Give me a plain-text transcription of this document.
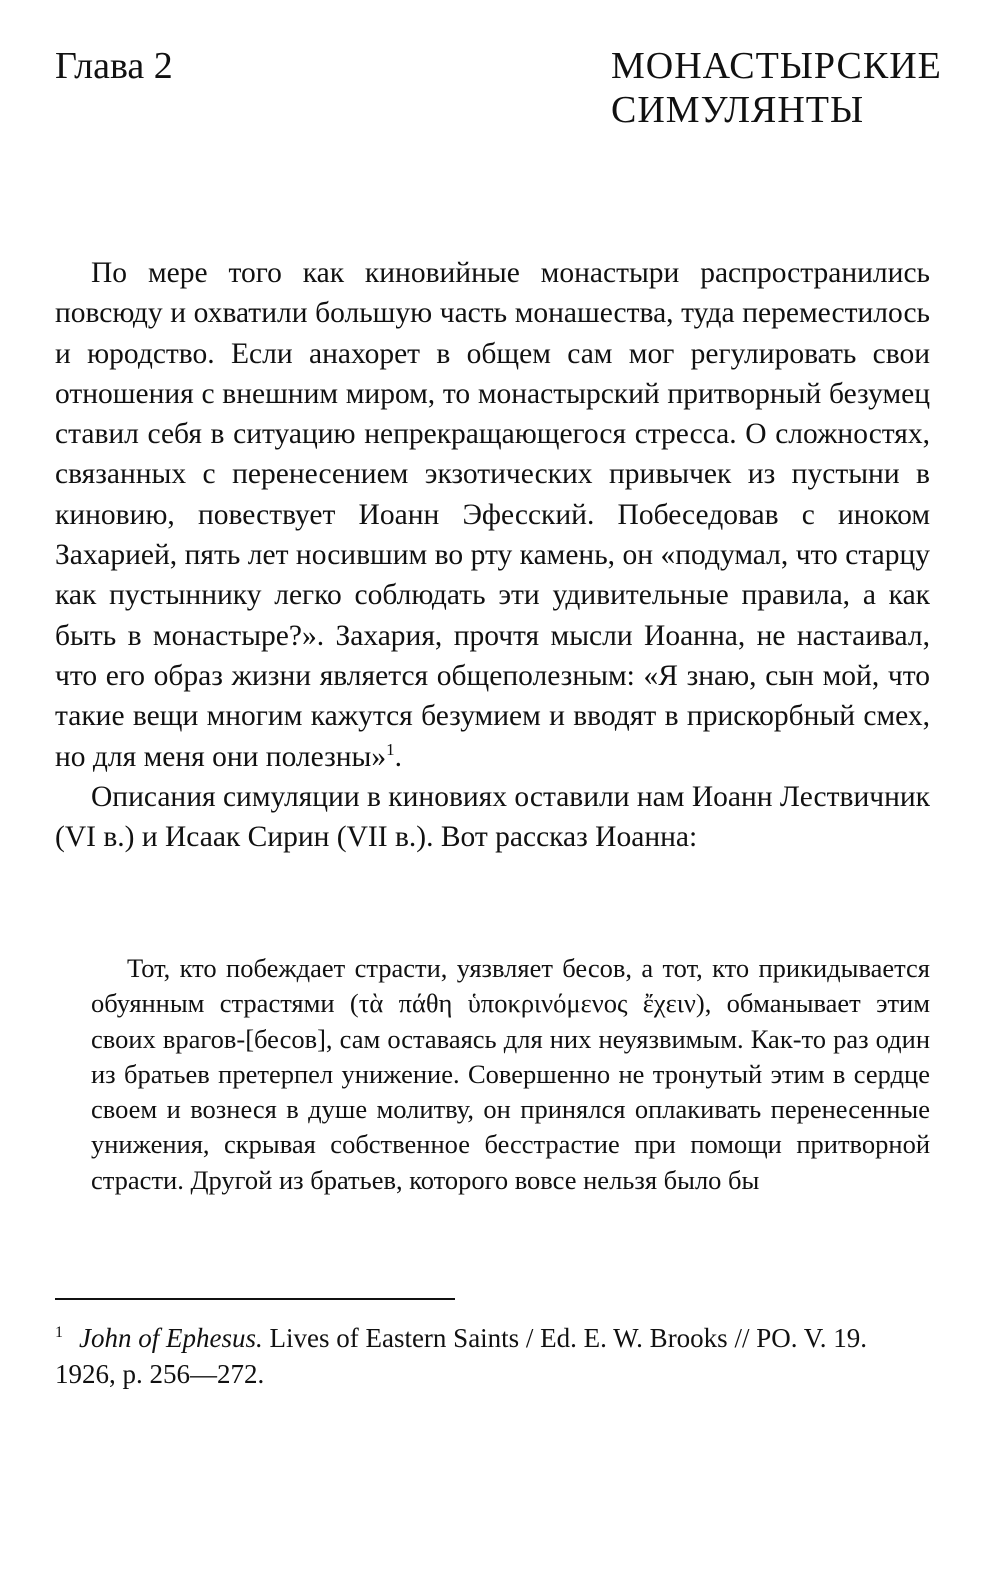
Глава 2	МОНАСТЫРСКИЕ
СИМУЛЯНТЫ

По мере того как киновийные монастыри распространились повсюду и охватили большую часть монашества, туда переместилось и юродство. Если анахорет в общем сам мог регулировать свои отношения с внешним миром, то монастырский притворный безумец ставил себя в ситуацию непрекращающегося стресса. О сложностях, связанных с перенесением экзотических привычек из пустыни в киновию, повествует Иоанн Эфесский. Побеседовав с иноком Захарией, пять лет носившим во рту камень, он «подумал, что старцу как пустыннику легко соблюдать эти удивительные правила, а как быть в монастыре?». Захария, прочтя мысли Иоанна, не настаивал, что его образ жизни является общеполезным: «Я знаю, сын мой, что такие вещи многим кажутся безумием и вводят в прискорбный смех, но для меня они полезны»$^1$.

Описания симуляции в киновиях оставили нам Иоанн Лествичник (VI в.) и Исаак Сирин (VII в.). Вот рассказ Иоанна:

Тот, кто побеждает страсти, уязвляет бесов, а тот, кто прикидывается обуянным страстями (τὰ πάθη ὑποκρινόμενος ἔχειν), обманывает этим своих врагов-[бесов], сам оставаясь для них неуязвимым. Как-то раз один из братьев претерпел унижение. Совершенно не тронутый этим в сердце своем и вознеся в душе молитву, он принялся оплакивать перенесенные унижения, скрывая собственное бесстрастие при помощи притворной страсти. Другой из братьев, которого вовсе нельзя было бы

$^1$ John of Ephesus. Lives of Eastern Saints / Ed. E. W. Brooks // PO. V. 19. 1926, p. 256—272.
